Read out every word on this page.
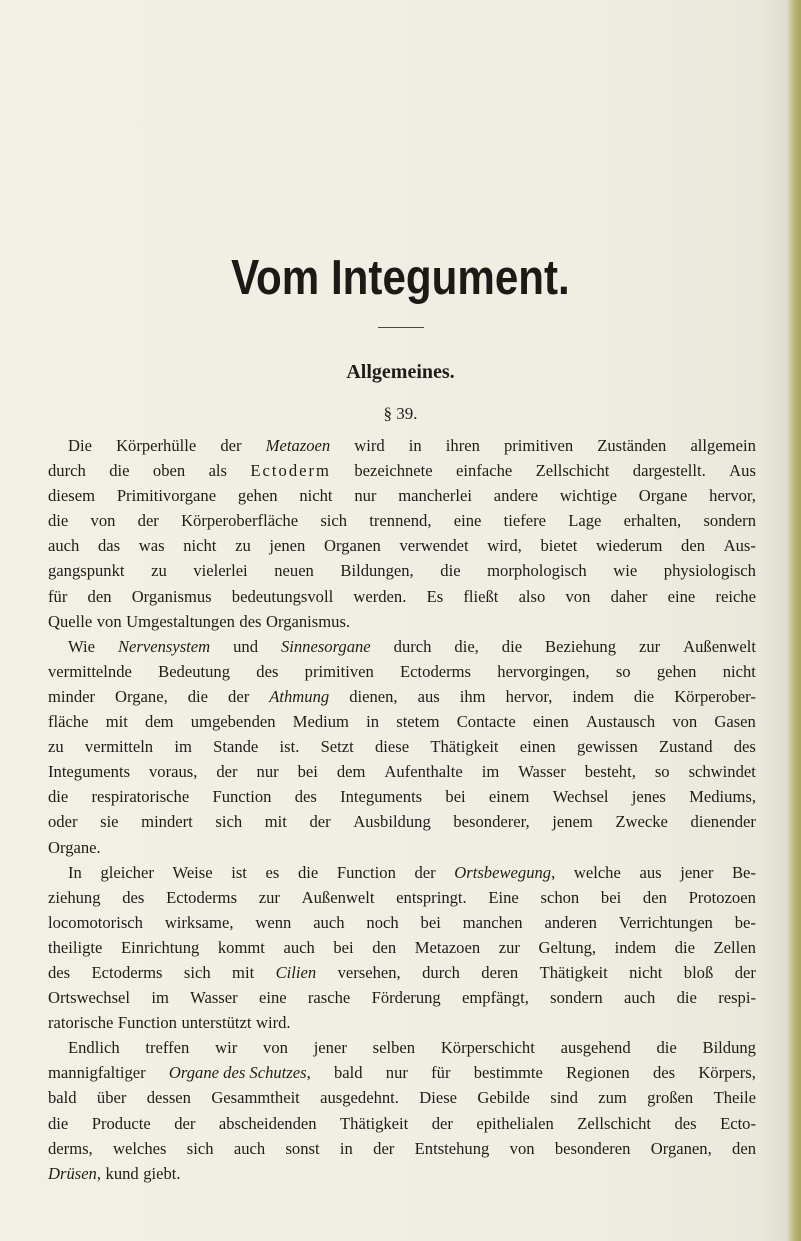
Vom Integument.
Allgemeines.
§ 39.
Die Körperhülle der Metazoen wird in ihren primitiven Zuständen allgemein
durch die oben als Ectoderm bezeichnete einfache Zellschicht dargestellt. Aus
diesem Primitivorgane gehen nicht nur mancherlei andere wichtige Organe hervor,
die von der Körperoberfläche sich trennend, eine tiefere Lage erhalten, sondern
auch das was nicht zu jenen Organen verwendet wird, bietet wiederum den Aus-
gangspunkt zu vielerlei neuen Bildungen, die morphologisch wie physiologisch
für den Organismus bedeutungsvoll werden. Es fließt also von daher eine reiche
Quelle von Umgestaltungen des Organismus.
Wie Nervensystem und Sinnesorgane durch die, die Beziehung zur Außenwelt
vermittelnde Bedeutung des primitiven Ectoderms hervorgingen, so gehen nicht
minder Organe, die der Athmung dienen, aus ihm hervor, indem die Körperober-
fläche mit dem umgebenden Medium in stetem Contacte einen Austausch von Gasen
zu vermitteln im Stande ist. Setzt diese Thätigkeit einen gewissen Zustand des
Integuments voraus, der nur bei dem Aufenthalte im Wasser besteht, so schwindet
die respiratorische Function des Integuments bei einem Wechsel jenes Mediums,
oder sie mindert sich mit der Ausbildung besonderer, jenem Zwecke dienender
Organe.
In gleicher Weise ist es die Function der Ortsbewegung, welche aus jener Be-
ziehung des Ectoderms zur Außenwelt entspringt. Eine schon bei den Protozoen
locomotorisch wirksame, wenn auch noch bei manchen anderen Verrichtungen be-
theiligte Einrichtung kommt auch bei den Metazoen zur Geltung, indem die Zellen
des Ectoderms sich mit Cilien versehen, durch deren Thätigkeit nicht bloß der
Ortswechsel im Wasser eine rasche Förderung empfängt, sondern auch die respi-
ratorische Function unterstützt wird.
Endlich treffen wir von jener selben Körperschicht ausgehend die Bildung
mannigfaltiger Organe des Schutzes, bald nur für bestimmte Regionen des Körpers,
bald über dessen Gesammtheit ausgedehnt. Diese Gebilde sind zum großen Theile
die Producte der abscheidenden Thätigkeit der epithelialen Zellschicht des Ecto-
derms, welches sich auch sonst in der Entstehung von besonderen Organen, den
Drüsen, kund giebt.
